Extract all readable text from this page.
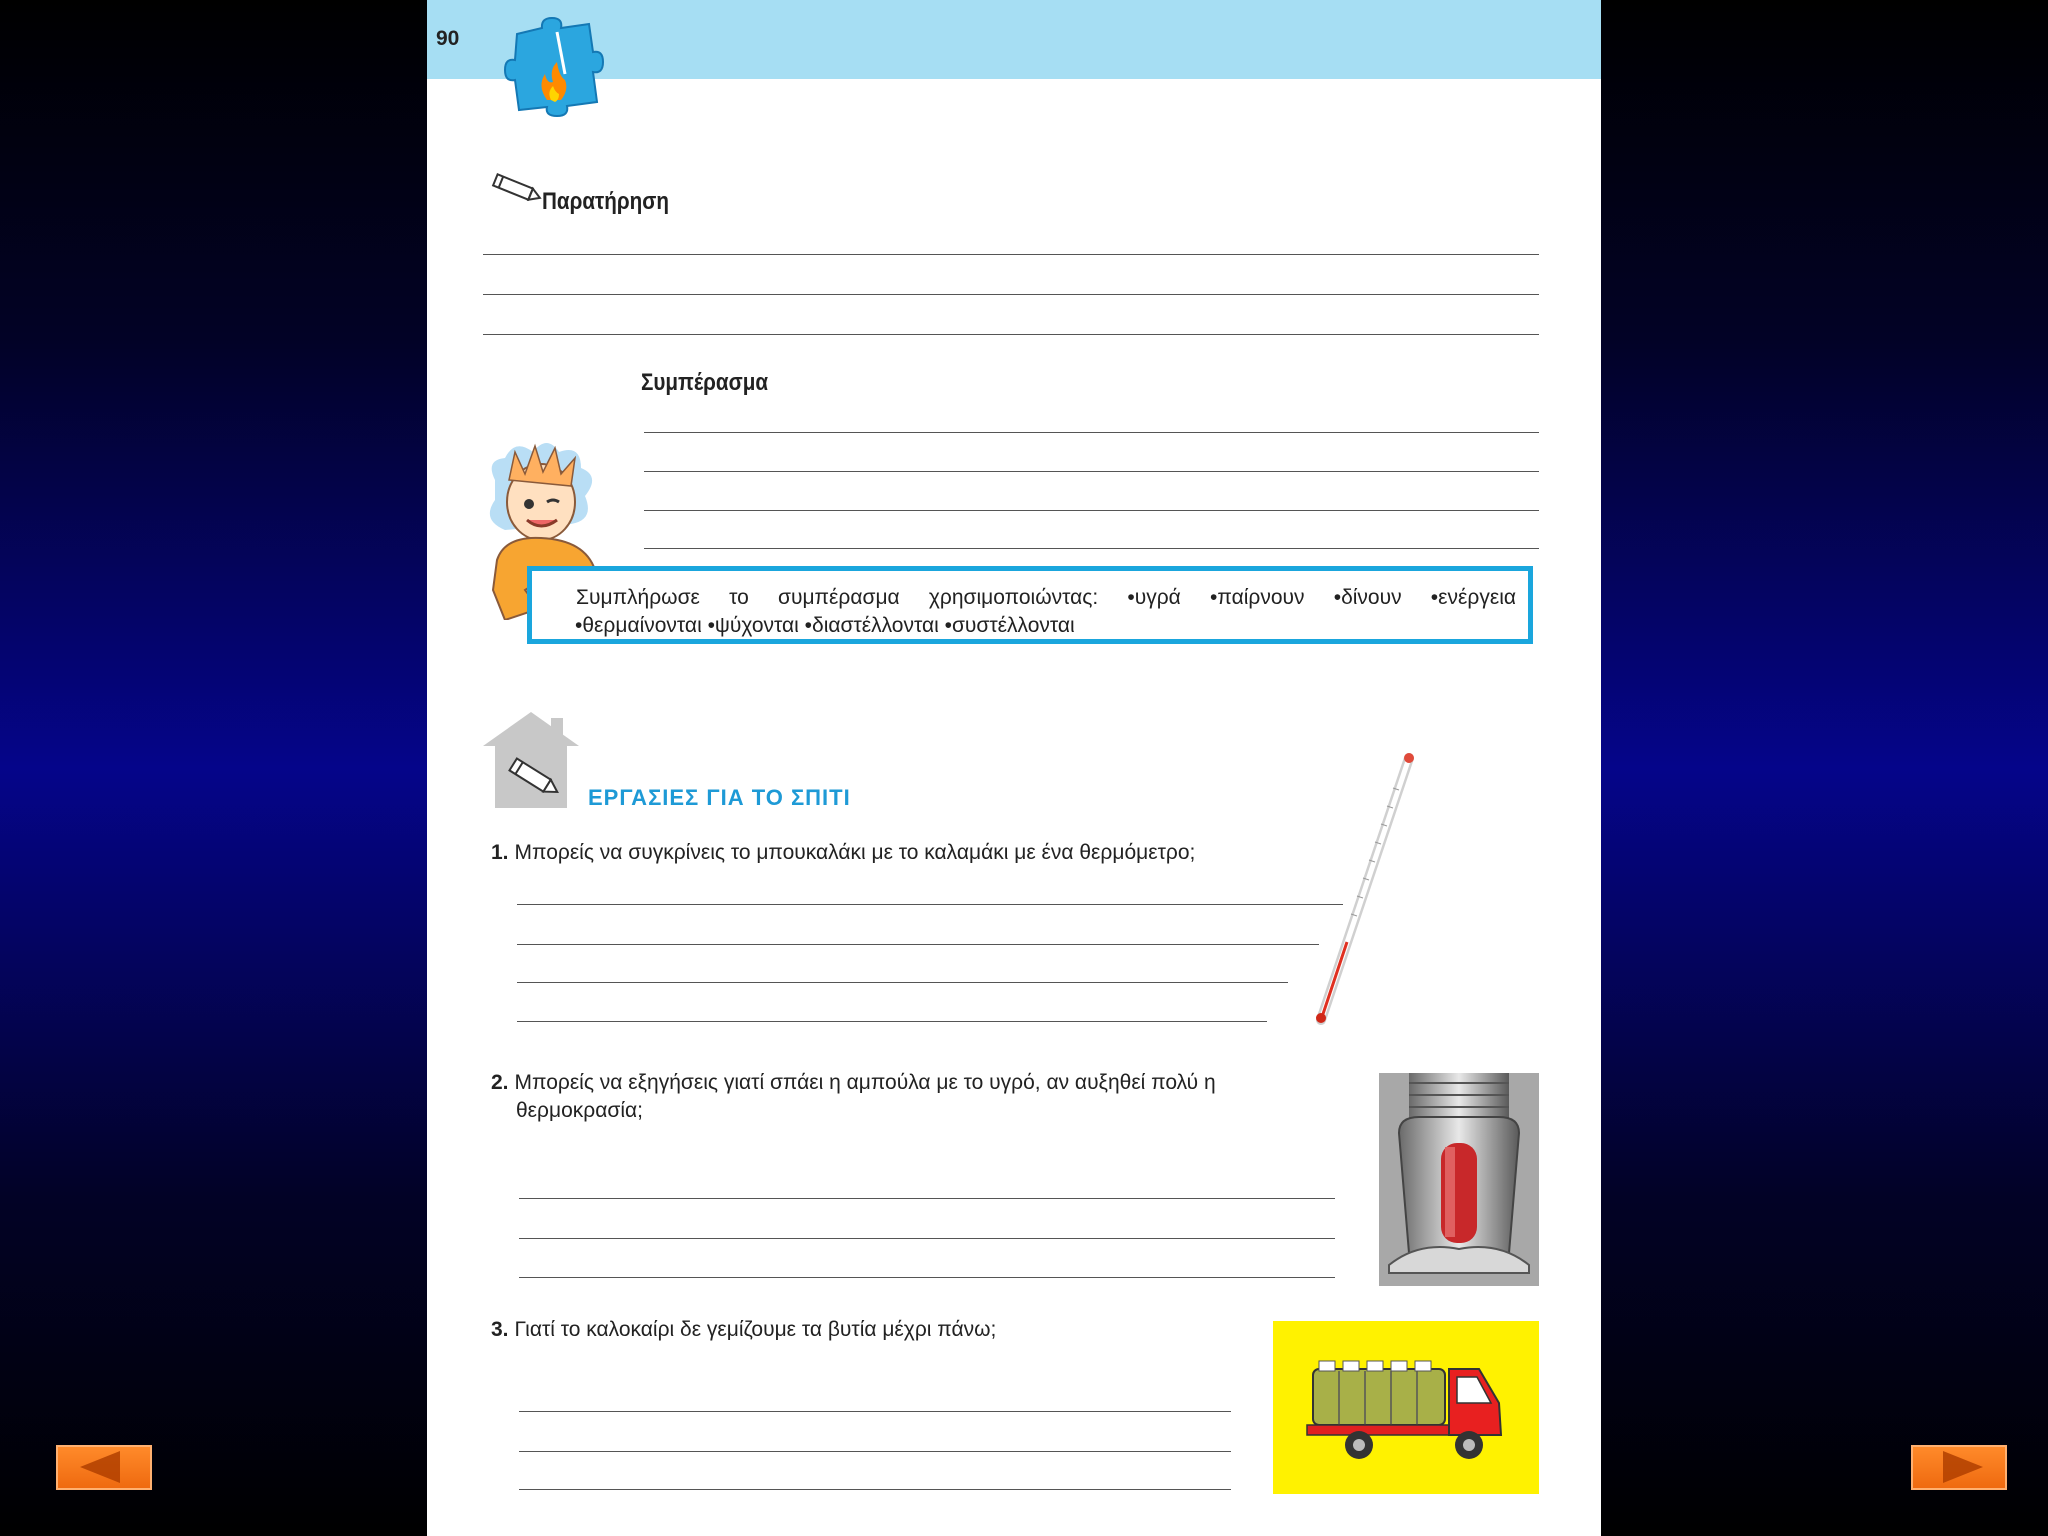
90
Παρατήρηση
Συμπέρασμα
Συμπλήρωσε το συμπέρασμα χρησιμοποιώντας: •υγρά •παίρνουν •δίνουν •ενέργεια
•θερμαίνονται •ψύχονται •διαστέλλονται •συστέλλονται
ΕΡΓΑΣΙΕΣ ΓΙΑ ΤΟ ΣΠΙΤΙ
1. Μπορείς να συγκρίνεις το μπουκαλάκι με το καλαμάκι με ένα θερμόμετρο;
2. Μπορείς να εξηγήσεις γιατί σπάει η αμπούλα με το υγρό, αν αυξηθεί πολύ η
θερμοκρασία;
3. Γιατί το καλοκαίρι δε γεμίζουμε τα βυτία μέχρι πάνω;
